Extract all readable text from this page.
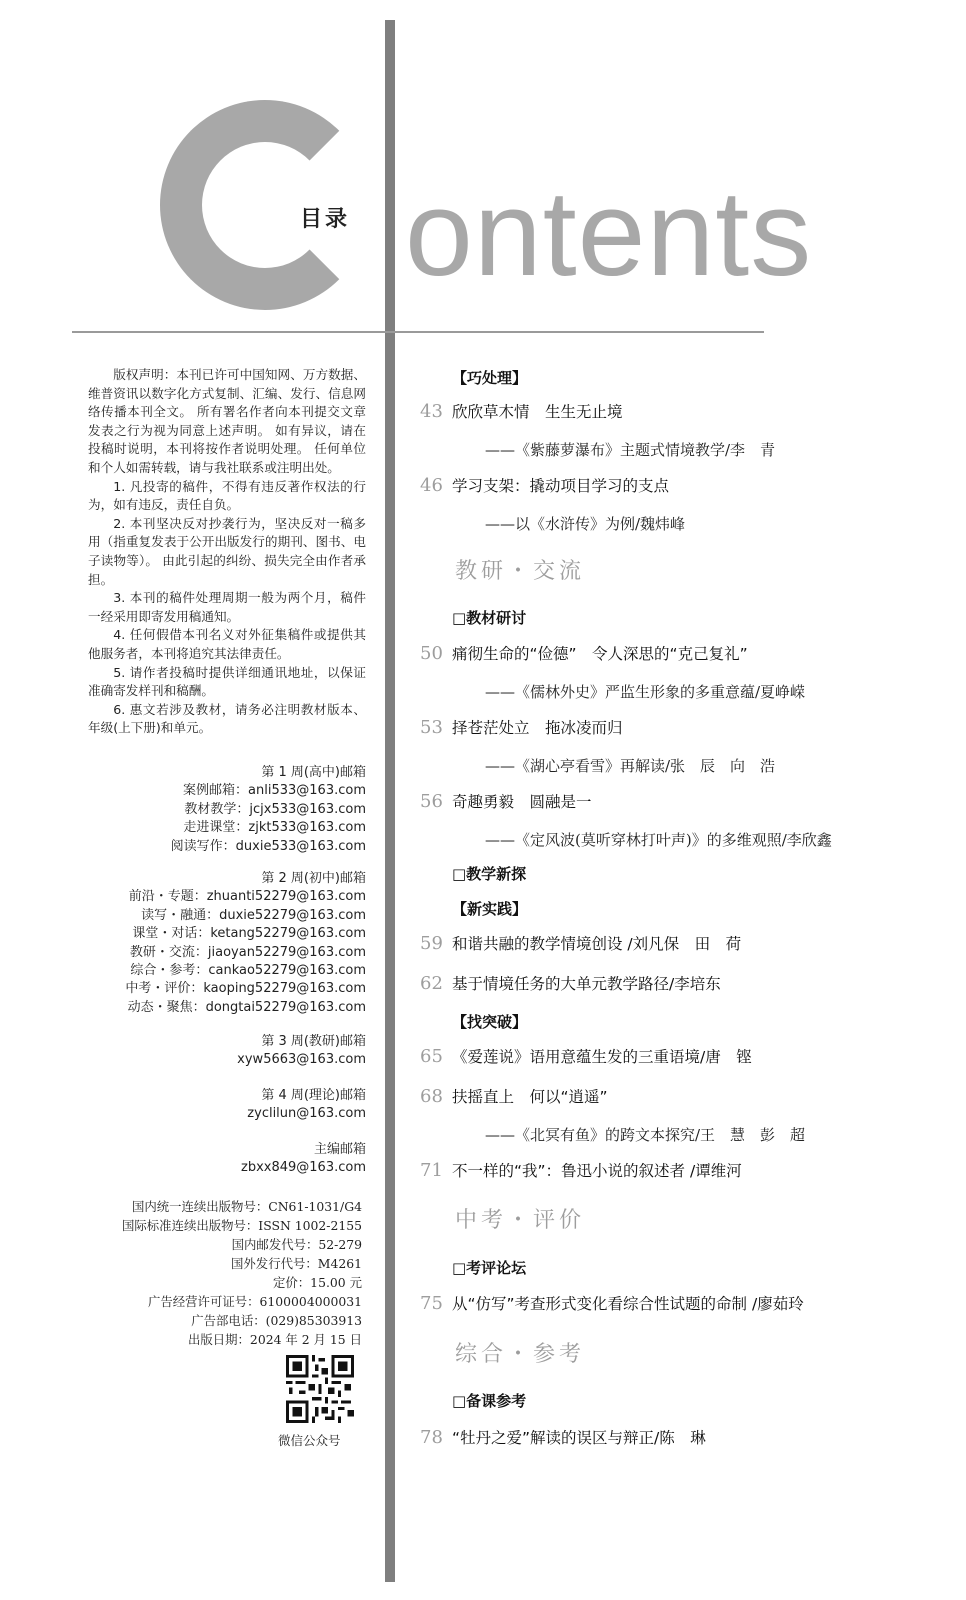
目录 ontents

版权声明：本刊已许可中国知网、万方数据、维普资讯以数字化方式复制、汇编、发行、信息网络传播本刊全文。 所有署名作者向本刊提交文章发表之行为视为同意上述声明。 如有异议，请在投稿时说明，本刊将按作者说明处理。 任何单位和个人如需转载，请与我社联系或注明出处。

1. 凡投寄的稿件，不得有违反著作权法的行为，如有违反，责任自负。

2. 本刊坚决反对抄袭行为，坚决反对一稿多用（指重复发表于公开出版发行的期刊、图书、电子读物等）。 由此引起的纠纷、损失完全由作者承担。

3. 本刊的稿件处理周期一般为两个月，稿件一经采用即寄发用稿通知。

4. 任何假借本刊名义对外征集稿件或提供其他服务者，本刊将追究其法律责任。

5. 请作者投稿时提供详细通讯地址，以保证准确寄发样刊和稿酬。

6. 惠文若涉及教材，请务必注明教材版本、年级(上下册)和单元。

第 1 周(高中)邮箱
案例邮箱：anli533@163.com
教材教学：jcjx533@163.com
走进课堂：zjkt533@163.com
阅读写作：duxie533@163.com
第 2 周(初中)邮箱
前沿・专题：zhuanti52279@163.com
读写・融通：duxie52279@163.com
课堂・对话：ketang52279@163.com
教研・交流：jiaoyan52279@163.com
综合・参考：cankao52279@163.com
中考・评价：kaoping52279@163.com
动态・聚焦：dongtai52279@163.com
第 3 周(教研)邮箱
xyw5663@163.com
第 4 周(理论)邮箱
zyclilun@163.com
主编邮箱
zbxx849@163.com
国内统一连续出版物号：CN61-1031/G4
国际标准连续出版物号：ISSN 1002-2155
国内邮发代号：52-279
国外发行代号：M4261
定价：15.00 元
广告经营许可证号：6100004000031
广告部电话：(029)85303913
出版日期：2024 年 2 月 15 日
微信公众号
【巧处理】
43 欣欣草木情　生生无止境
——《紫藤萝瀑布》主题式情境教学/李　青
46 学习支架：撬动项目学习的支点
——以《水浒传》为例/魏炜峰
教研・交流
□教材研讨
50 痛彻生命的“俭德”　令人深思的“克己复礼”
——《儒林外史》严监生形象的多重意蕴/夏峥嵘
53 择苍茫处立　拖冰凌而归
——《湖心亭看雪》再解读/张　辰　向　浩
56 奇趣勇毅　圆融是一
——《定风波(莫听穿林打叶声)》的多维观照/李欣鑫
□教学新探
【新实践】
59 和谐共融的教学情境创设 /刘凡保　田　荷
62 基于情境任务的大单元教学路径/李培东
【找突破】
65 《爱莲说》语用意蕴生发的三重语境/唐　铿
68 扶摇直上　何以“逍遥”
——《北冥有鱼》的跨文本探究/王　慧　彭　超
71 不一样的“我”：鲁迅小说的叙述者 /谭维河
中考・评价
□考评论坛
75 从“仿写”考查形式变化看综合性试题的命制 /廖茹玲
综合・参考
□备课参考
78 “牡丹之爱”解读的误区与辩正/陈　琳
